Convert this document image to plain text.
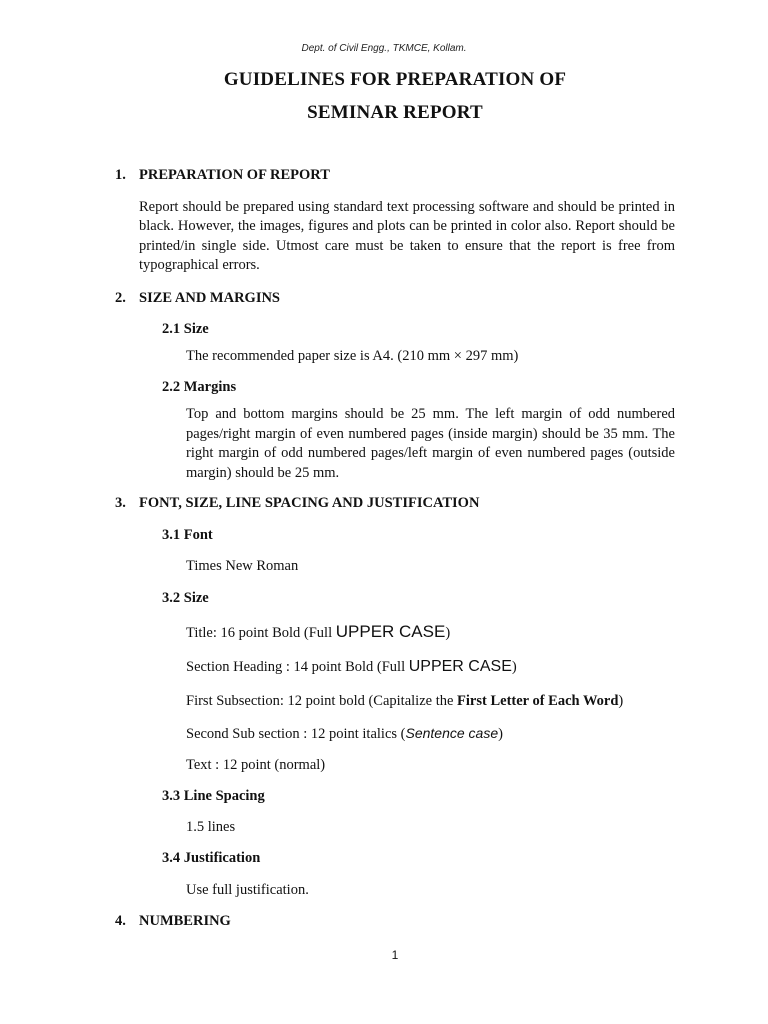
Dept. of Civil Engg., TKMCE, Kollam.
GUIDELINES FOR PREPARATION OF
SEMINAR REPORT
1. PREPARATION OF REPORT
Report should be prepared using standard text processing software and should be printed in black. However, the images, figures and plots can be printed in color also. Report should be printed/in single side. Utmost care must be taken to ensure that the report is free from typographical errors.
2. SIZE AND MARGINS
2.1 Size
The recommended paper size is A4. (210 mm × 297 mm)
2.2 Margins
Top and bottom margins should be 25 mm. The left margin of odd numbered pages/right margin of even numbered pages (inside margin) should be 35 mm. The right margin of odd numbered pages/left margin of even numbered pages (outside margin) should be 25 mm.
3. FONT, SIZE, LINE SPACING AND JUSTIFICATION
3.1 Font
Times New Roman
3.2 Size
Title: 16 point Bold (Full UPPER CASE)
Section Heading : 14 point Bold (Full UPPER CASE)
First Subsection: 12 point bold (Capitalize the First Letter of Each Word)
Second Sub section : 12 point italics (Sentence case)
Text : 12 point (normal)
3.3 Line Spacing
1.5 lines
3.4 Justification
Use full justification.
4. NUMBERING
1
